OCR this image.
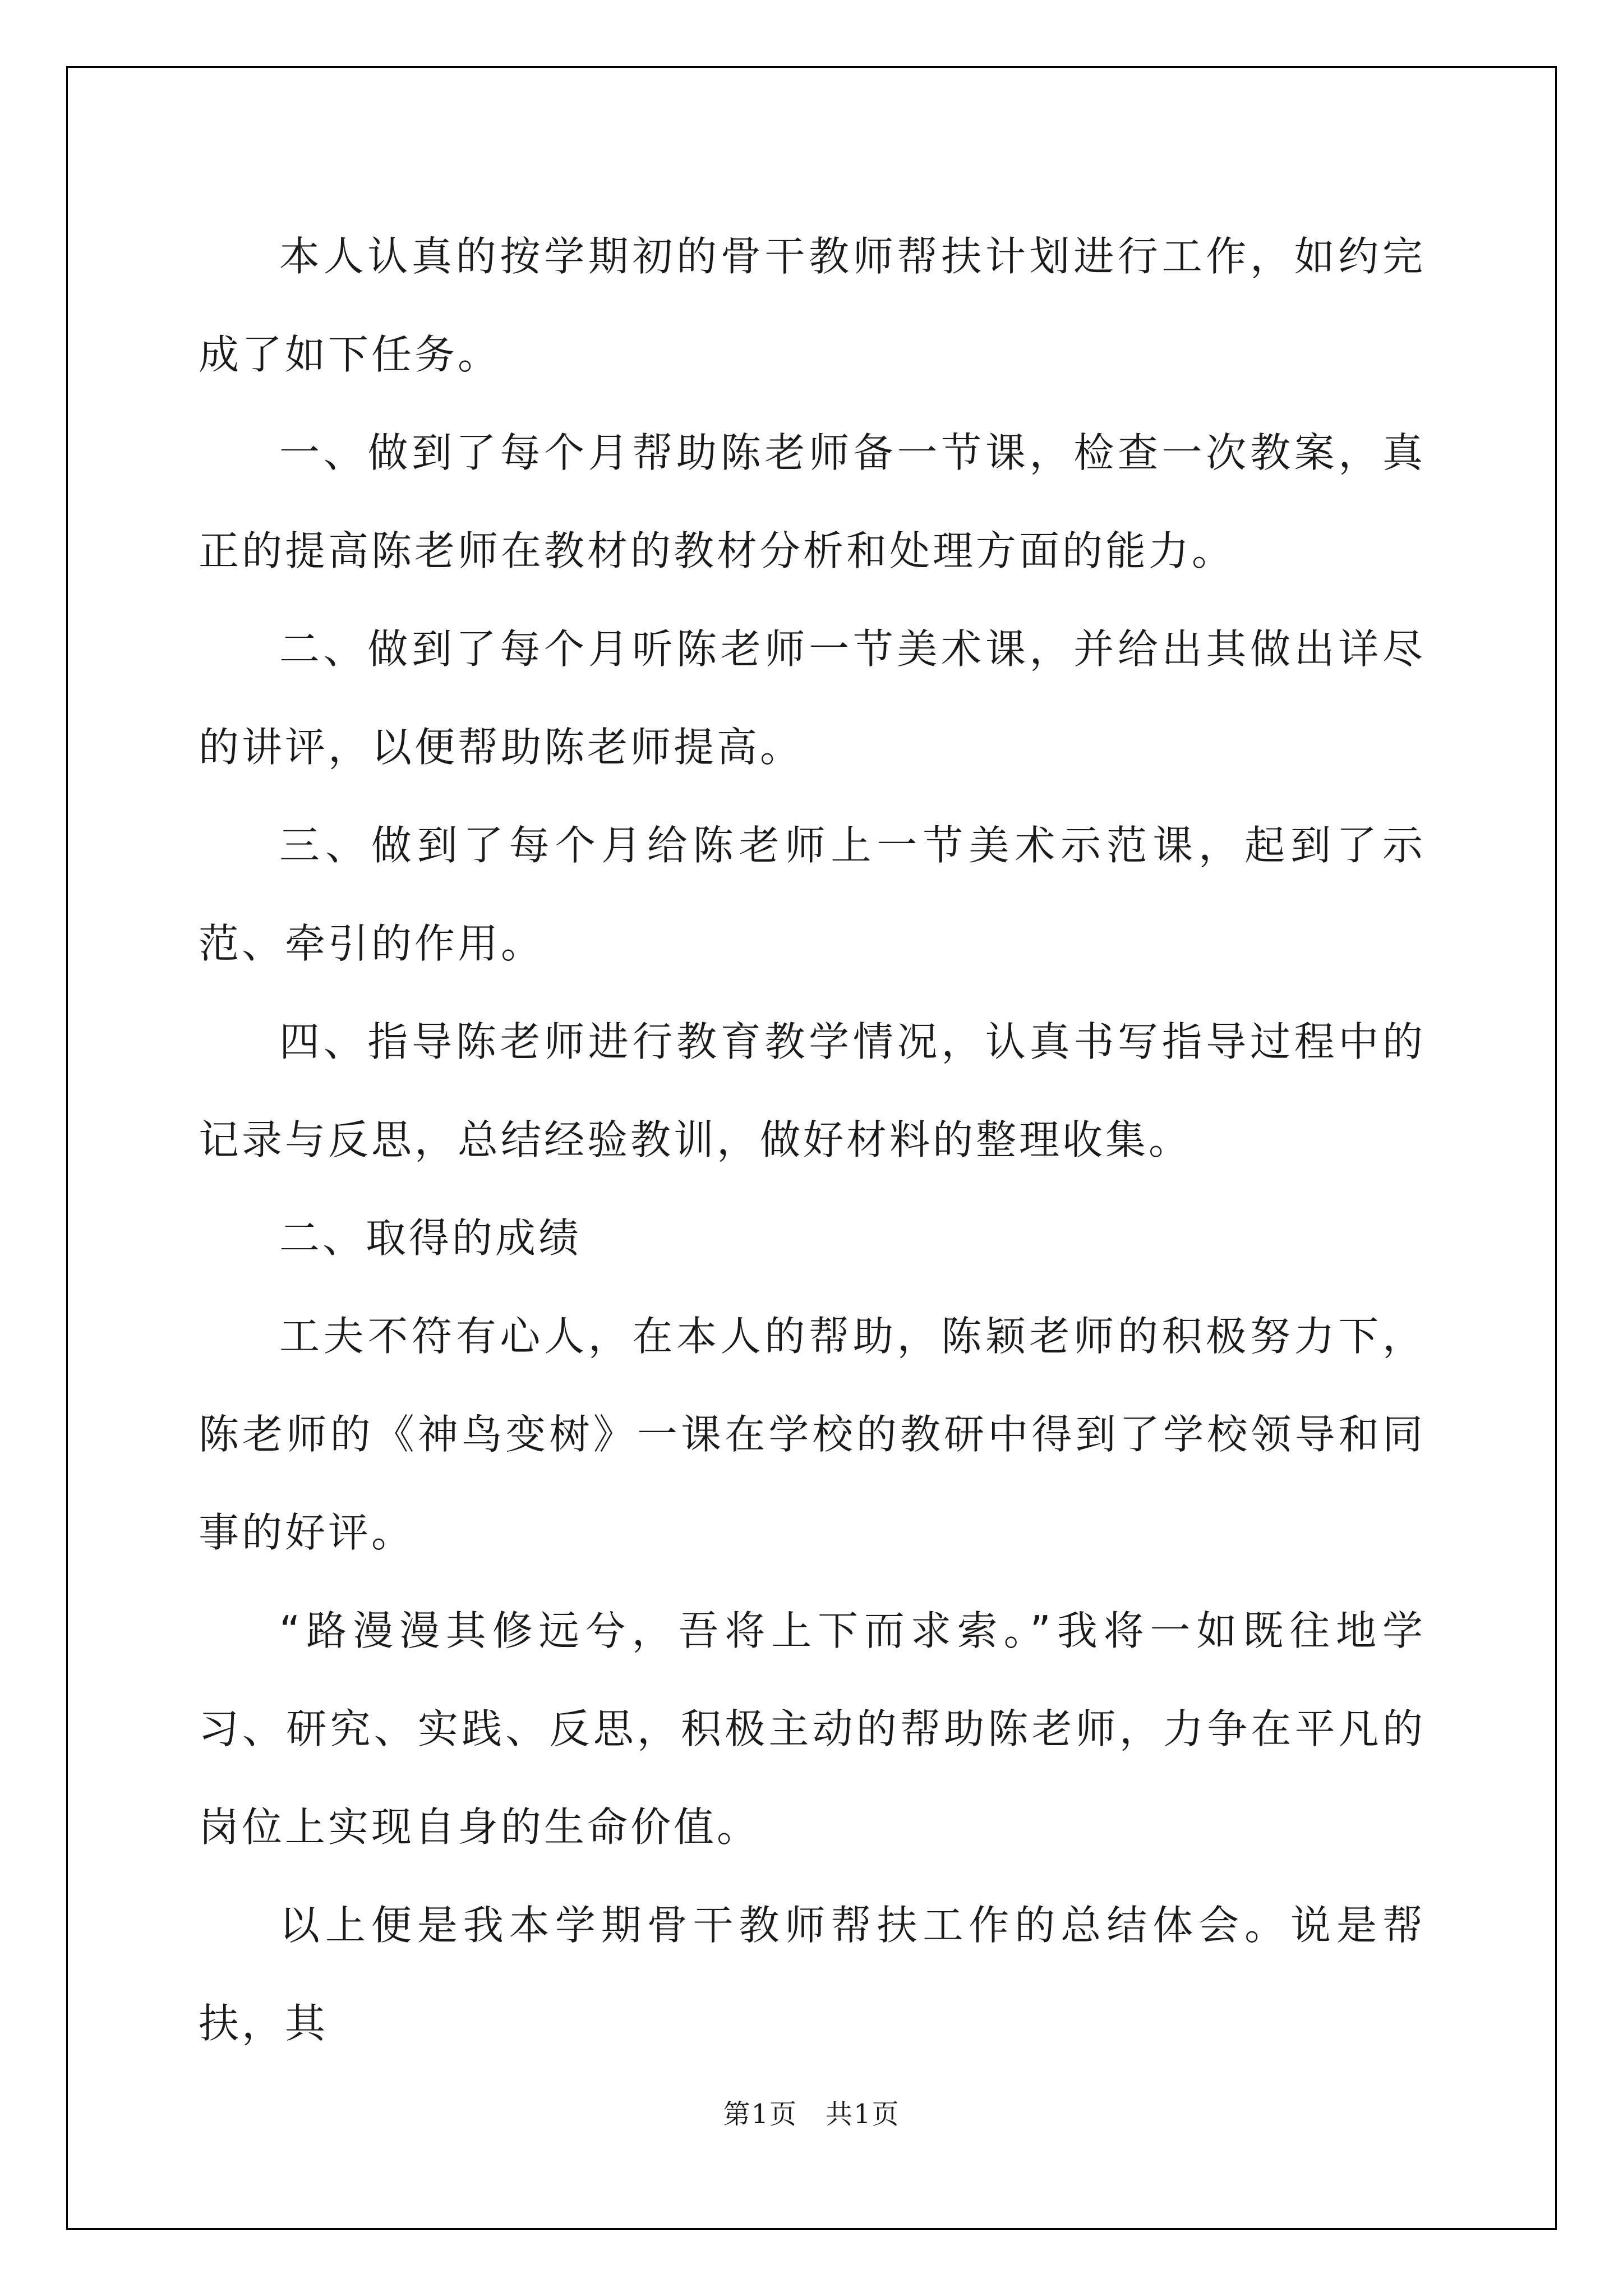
本人认真的按学期初的骨干教师帮扶计划进行工作，如约完成了如下任务。

一、做到了每个月帮助陈老师备一节课，检查一次教案，真正的提高陈老师在教材的教材分析和处理方面的能力。

二、做到了每个月听陈老师一节美术课，并给出其做出详尽的讲评，以便帮助陈老师提高。

三、做到了每个月给陈老师上一节美术示范课，起到了示范、牵引的作用。

四、指导陈老师进行教育教学情况，认真书写指导过程中的记录与反思，总结经验教训，做好材料的整理收集。

二、取得的成绩

工夫不符有心人，在本人的帮助，陈颖老师的积极努力下，陈老师的《神鸟变树》一课在学校的教研中得到了学校领导和同事的好评。

“路漫漫其修远兮，吾将上下而求索。”我将一如既往地学习、研究、实践、反思，积极主动的帮助陈老师，力争在平凡的岗位上实现自身的生命价值。

以上便是我本学期骨干教师帮扶工作的总结体会。说是帮扶，其

第1页　共1页
